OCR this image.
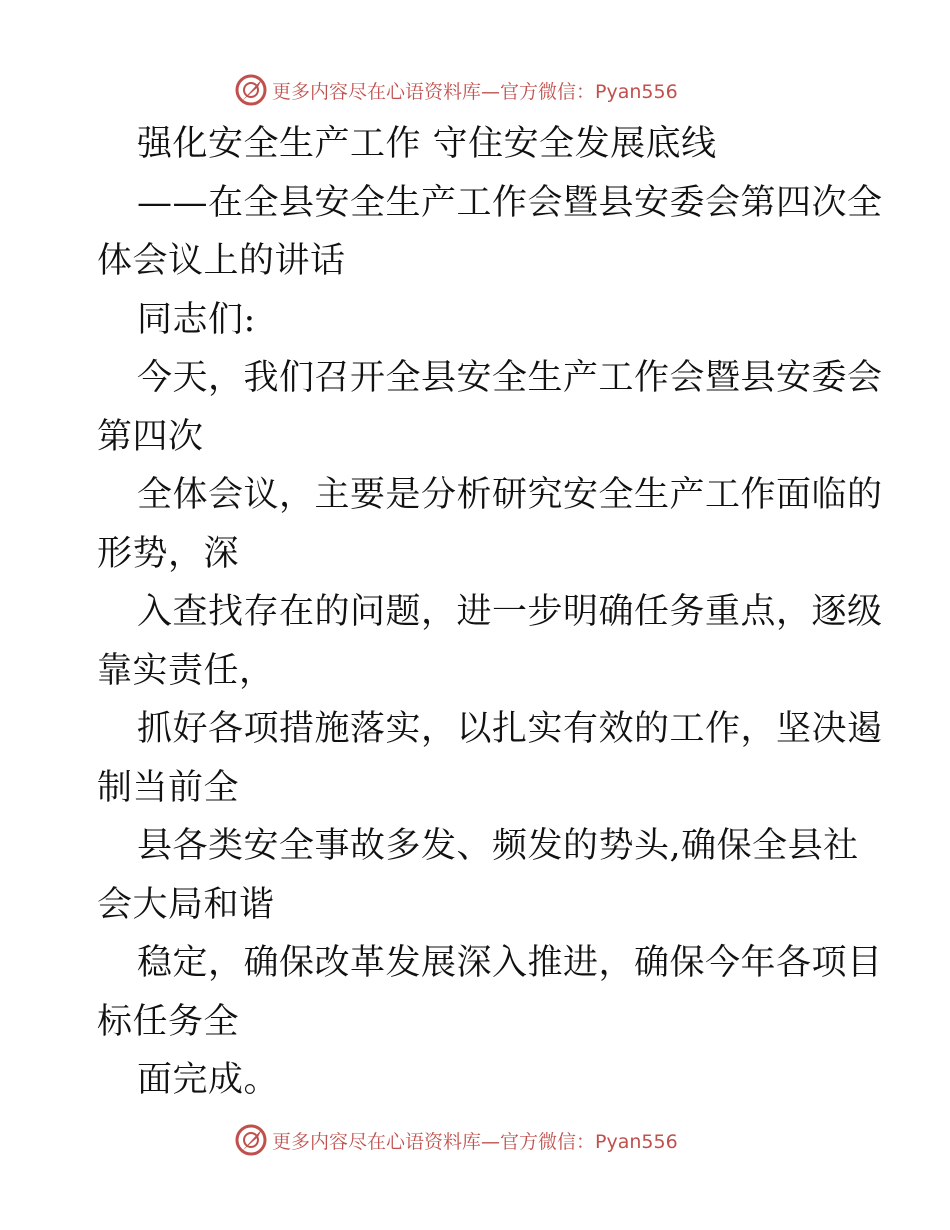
更多内容尽在心语资料库—官方微信：Pyan556
强化安全生产工作 守住安全发展底线
——在全县安全生产工作会暨县安委会第四次全
体会议上的讲话
同志们:
今天，我们召开全县安全生产工作会暨县安委会
第四次
全体会议，主要是分析研究安全生产工作面临的
形势，深
入查找存在的问题，进一步明确任务重点，逐级
靠实责任，
抓好各项措施落实，以扎实有效的工作，坚决遏
制当前全
县各类安全事故多发、频发的势头,确保全县社
会大局和谐
稳定，确保改革发展深入推进，确保今年各项目
标任务全
面完成。
更多内容尽在心语资料库—官方微信：Pyan556
